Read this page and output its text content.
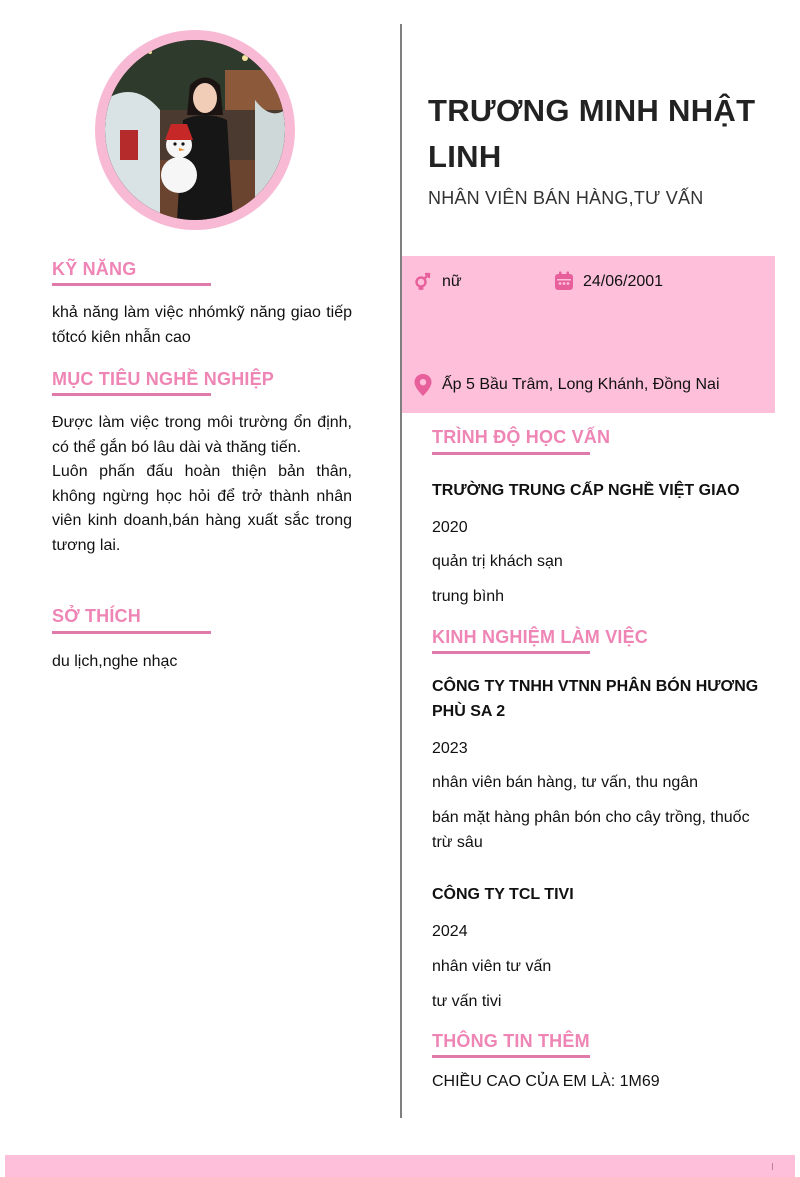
KỸ NĂNG
khả năng làm việc nhómkỹ năng giao tiếp tốtcó kiên nhẫn cao
MỤC TIÊU NGHỀ NGHIỆP
Được làm việc trong môi trường ổn định, có thể gắn bó lâu dài và thăng tiến.
Luôn phấn đấu hoàn thiện bản thân, không ngừng học hỏi để trở thành nhân viên kinh doanh,bán hàng xuất sắc trong tương lai.
SỞ THÍCH
du lịch,nghe nhạc
TRƯƠNG MINH NHẬT LINH
NHÂN VIÊN BÁN HÀNG,TƯ VẤN
nữ	24/06/2001
Ấp 5 Bầu Trâm, Long Khánh, Đồng Nai
TRÌNH ĐỘ HỌC VẤN
TRƯỜNG TRUNG CẤP NGHỀ VIỆT GIAO
2020
quản trị khách sạn
trung bình
KINH NGHIỆM LÀM VIỆC
CÔNG TY TNHH VTNN PHÂN BÓN HƯƠNG PHÙ SA 2
2023
nhân viên bán hàng, tư vấn, thu ngân
bán mặt hàng phân bón cho cây trồng, thuốc trừ sâu
CÔNG TY TCL TIVI
2024
nhân viên tư vấn
tư vấn tivi
THÔNG TIN THÊM
CHIỀU CAO CỦA EM LÀ: 1M69
